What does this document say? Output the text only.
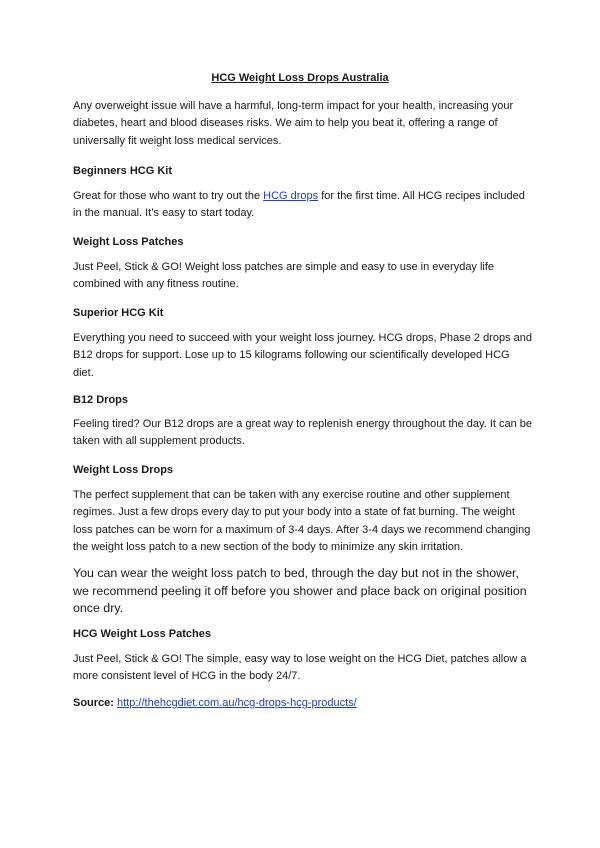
HCG Weight Loss Drops Australia
Any overweight issue will have a harmful, long-term impact for your health, increasing your diabetes, heart and blood diseases risks. We aim to help you beat it, offering a range of universally fit weight loss medical services.
Beginners HCG Kit
Great for those who want to try out the HCG drops for the first time. All HCG recipes included in the manual. It’s easy to start today.
Weight Loss Patches
Just Peel, Stick & GO! Weight loss patches are simple and easy to use in everyday life combined with any fitness routine.
Superior HCG Kit
Everything you need to succeed with your weight loss journey. HCG drops, Phase 2 drops and B12 drops for support. Lose up to 15 kilograms following our scientifically developed HCG diet.
B12 Drops
Feeling tired? Our B12 drops are a great way to replenish energy throughout the day. It can be taken with all supplement products.
Weight Loss Drops
The perfect supplement that can be taken with any exercise routine and other supplement regimes. Just a few drops every day to put your body into a state of fat burning. The weight loss patches can be worn for a maximum of 3-4 days. After 3-4 days we recommend changing the weight loss patch to a new section of the body to minimize any skin irritation.
You can wear the weight loss patch to bed, through the day but not in the shower, we recommend peeling it off before you shower and place back on original position once dry.
HCG Weight Loss Patches
Just Peel, Stick & GO! The simple, easy way to lose weight on the HCG Diet, patches allow a more consistent level of HCG in the body 24/7.
Source: http://thehcgdiet.com.au/hcg-drops-hcg-products/
